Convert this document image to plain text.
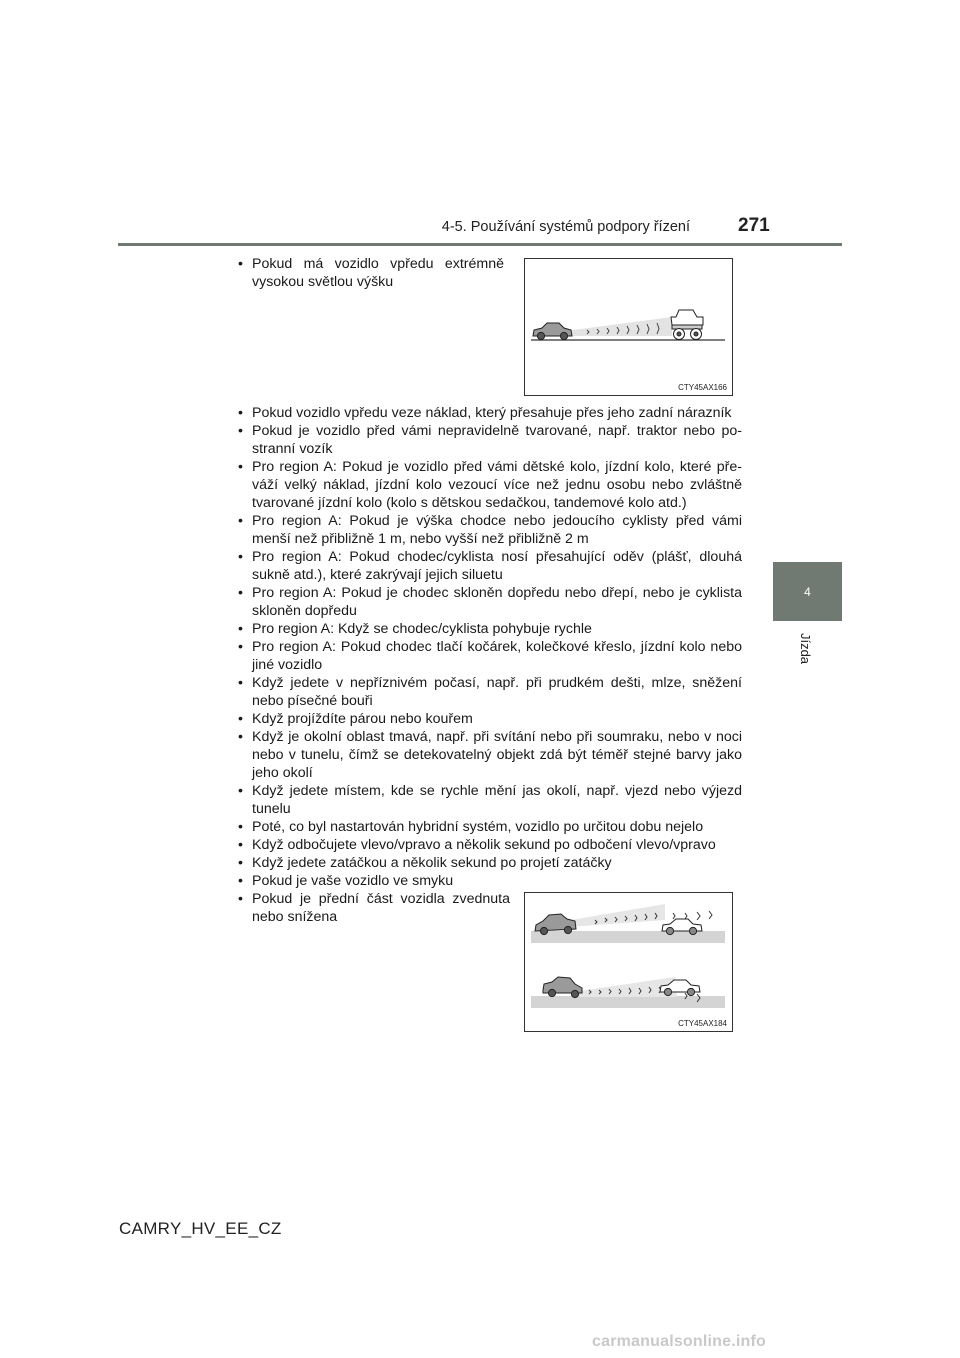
4-5. Používání systémů podpory řízení	271
4
Jízda
• Pokud má vozidlo vpředu extrémně vysokou světlou výšku
CTY45AX166
• Pokud vozidlo vpředu veze náklad, který přesahuje přes jeho zadní nárazník
• Pokud je vozidlo před vámi nepravidelně tvarované, např. traktor nebo po-stranní vozík
• Pro region A: Pokud je vozidlo před vámi dětské kolo, jízdní kolo, které pře-váží velký náklad, jízdní kolo vezoucí více než jednu osobu nebo zvláštně tvarované jízdní kolo (kolo s dětskou sedačkou, tandemové kolo atd.)
• Pro region A: Pokud je výška chodce nebo jedoucího cyklisty před vámi menší než přibližně 1 m, nebo vyšší než přibližně 2 m
• Pro region A: Pokud chodec/cyklista nosí přesahující oděv (plášť, dlouhá sukně atd.), které zakrývají jejich siluetu
• Pro region A: Pokud je chodec skloněn dopředu nebo dřepí, nebo je cyklista skloněn dopředu
• Pro region A: Když se chodec/cyklista pohybuje rychle
• Pro region A: Pokud chodec tlačí kočárek, kolečkové křeslo, jízdní kolo nebo jiné vozidlo
• Když jedete v nepříznivém počasí, např. při prudkém dešti, mlze, sněžení nebo písečné bouři
• Když projíždíte párou nebo kouřem
• Když je okolní oblast tmavá, např. při svítání nebo při soumraku, nebo v noci nebo v tunelu, čímž se detekovatelný objekt zdá být téměř stejné barvy jako jeho okolí
• Když jedete místem, kde se rychle mění jas okolí, např. vjezd nebo výjezd tunelu
• Poté, co byl nastartován hybridní systém, vozidlo po určitou dobu nejelo
• Když odbočujete vlevo/vpravo a několik sekund po odbočení vlevo/vpravo
• Když jedete zatáčkou a několik sekund po projetí zatáčky
• Pokud je vaše vozidlo ve smyku
• Pokud je přední část vozidla zvednuta nebo snížena
CTY45AX184
CAMRY_HV_EE_CZ
carmanualsonline.info
